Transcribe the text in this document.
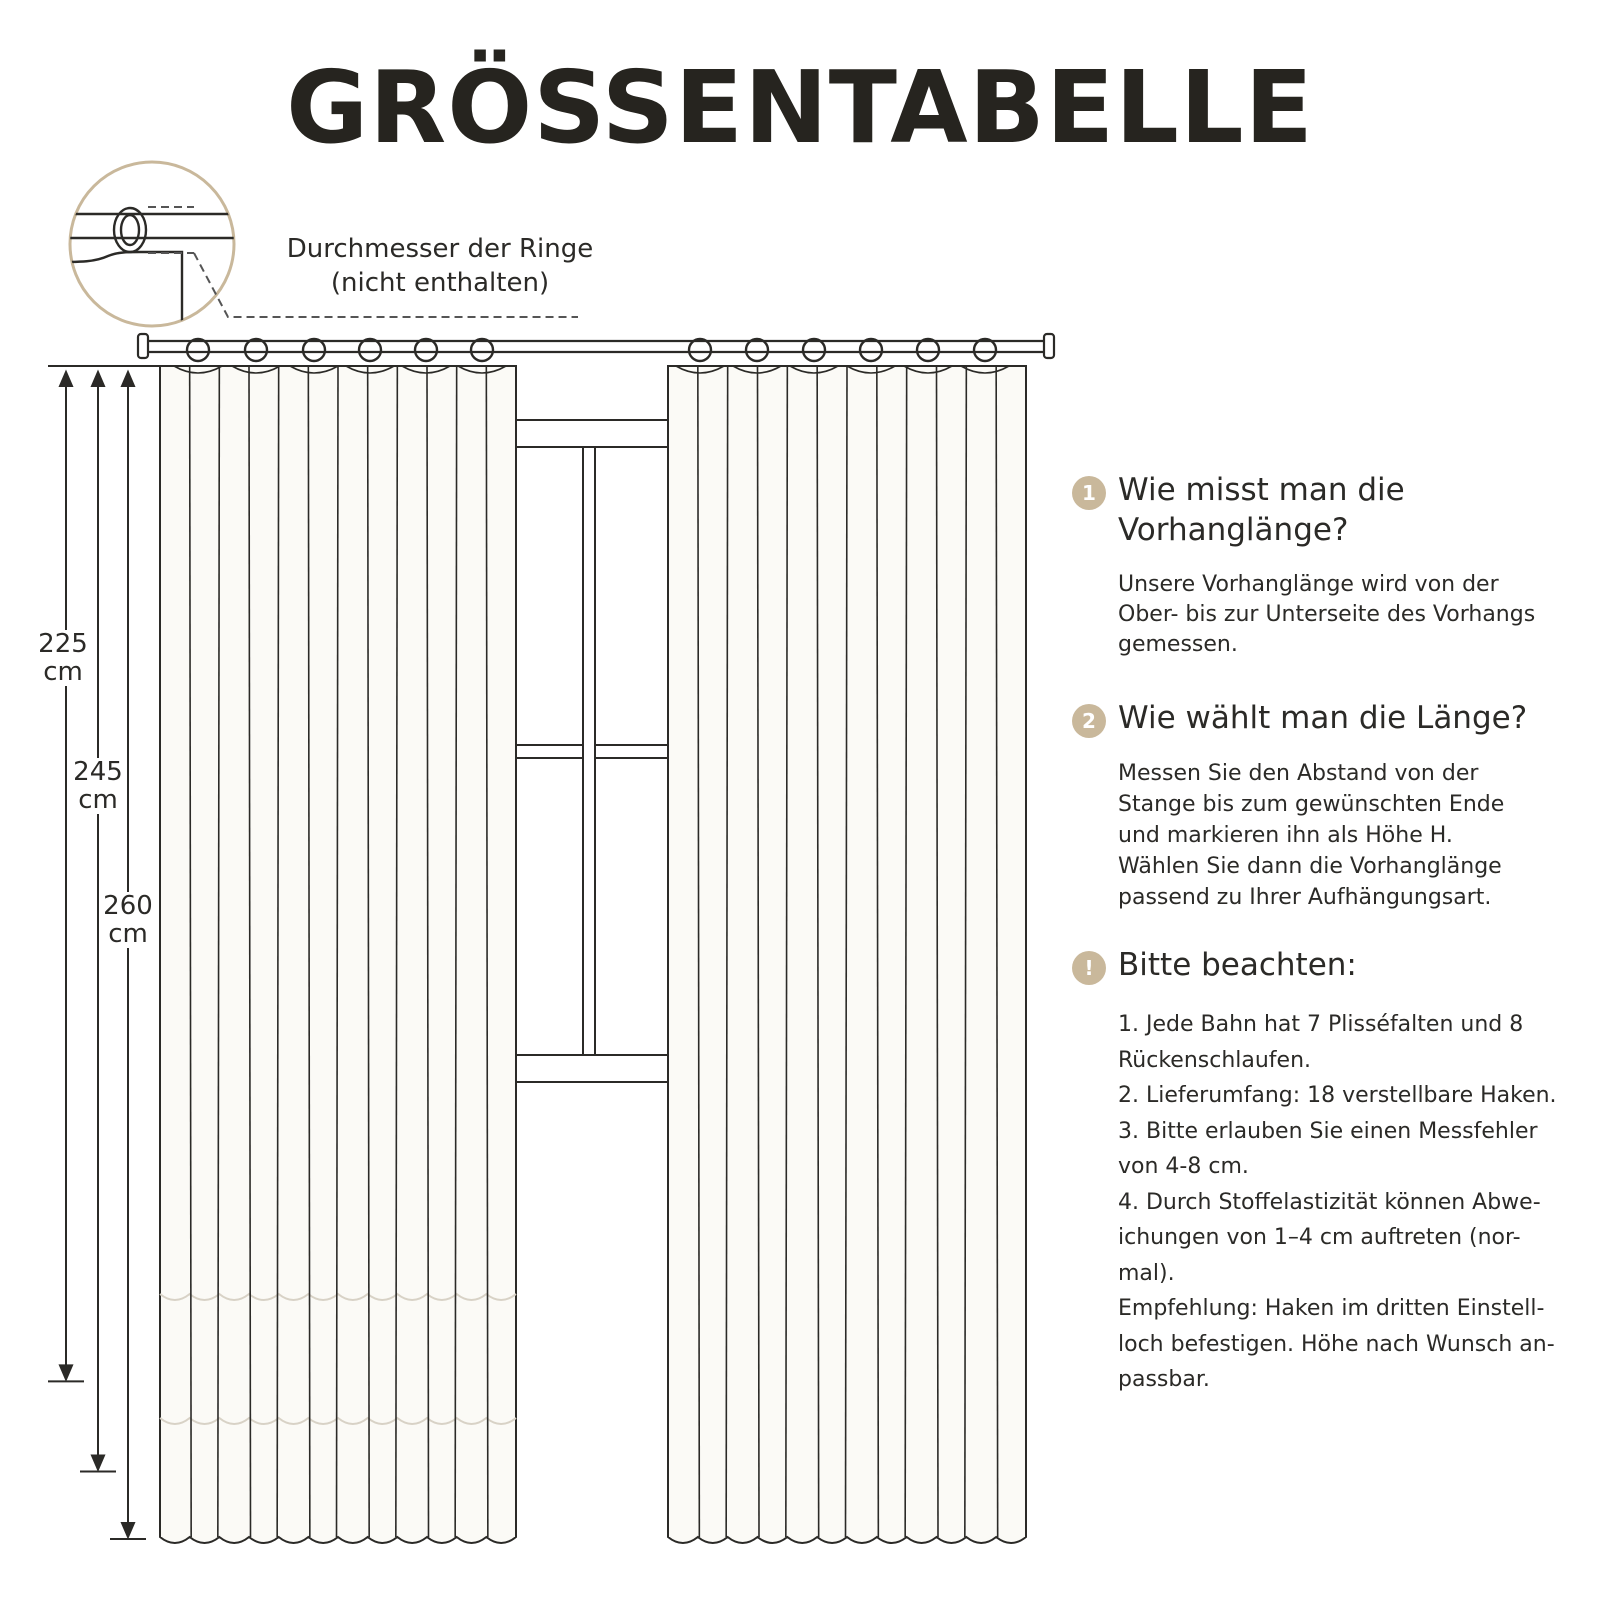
GRÖSSENTABELLE
Durchmesser der Ringe
(nicht enthalten)
225
cm
245
cm
260
cm
1 Wie misst man die
Vorhanglänge?
Unsere Vorhanglänge wird von der
Ober- bis zur Unterseite des Vorhangs
gemessen.
2 Wie wählt man die Länge?
Messen Sie den Abstand von der
Stange bis zum gewünschten Ende
und markieren ihn als Höhe H.
Wählen Sie dann die Vorhanglänge
passend zu Ihrer Aufhängungsart.
! Bitte beachten:
1. Jede Bahn hat 7 Plisséfalten und 8
Rückenschlaufen.
2. Lieferumfang: 18 verstellbare Haken.
3. Bitte erlauben Sie einen Messfehler
von 4-8 cm.
4. Durch Stoffelastizität können Abwe-
ichungen von 1–4 cm auftreten (nor-
mal).
Empfehlung: Haken im dritten Einstell-
loch befestigen. Höhe nach Wunsch an-
passbar.
